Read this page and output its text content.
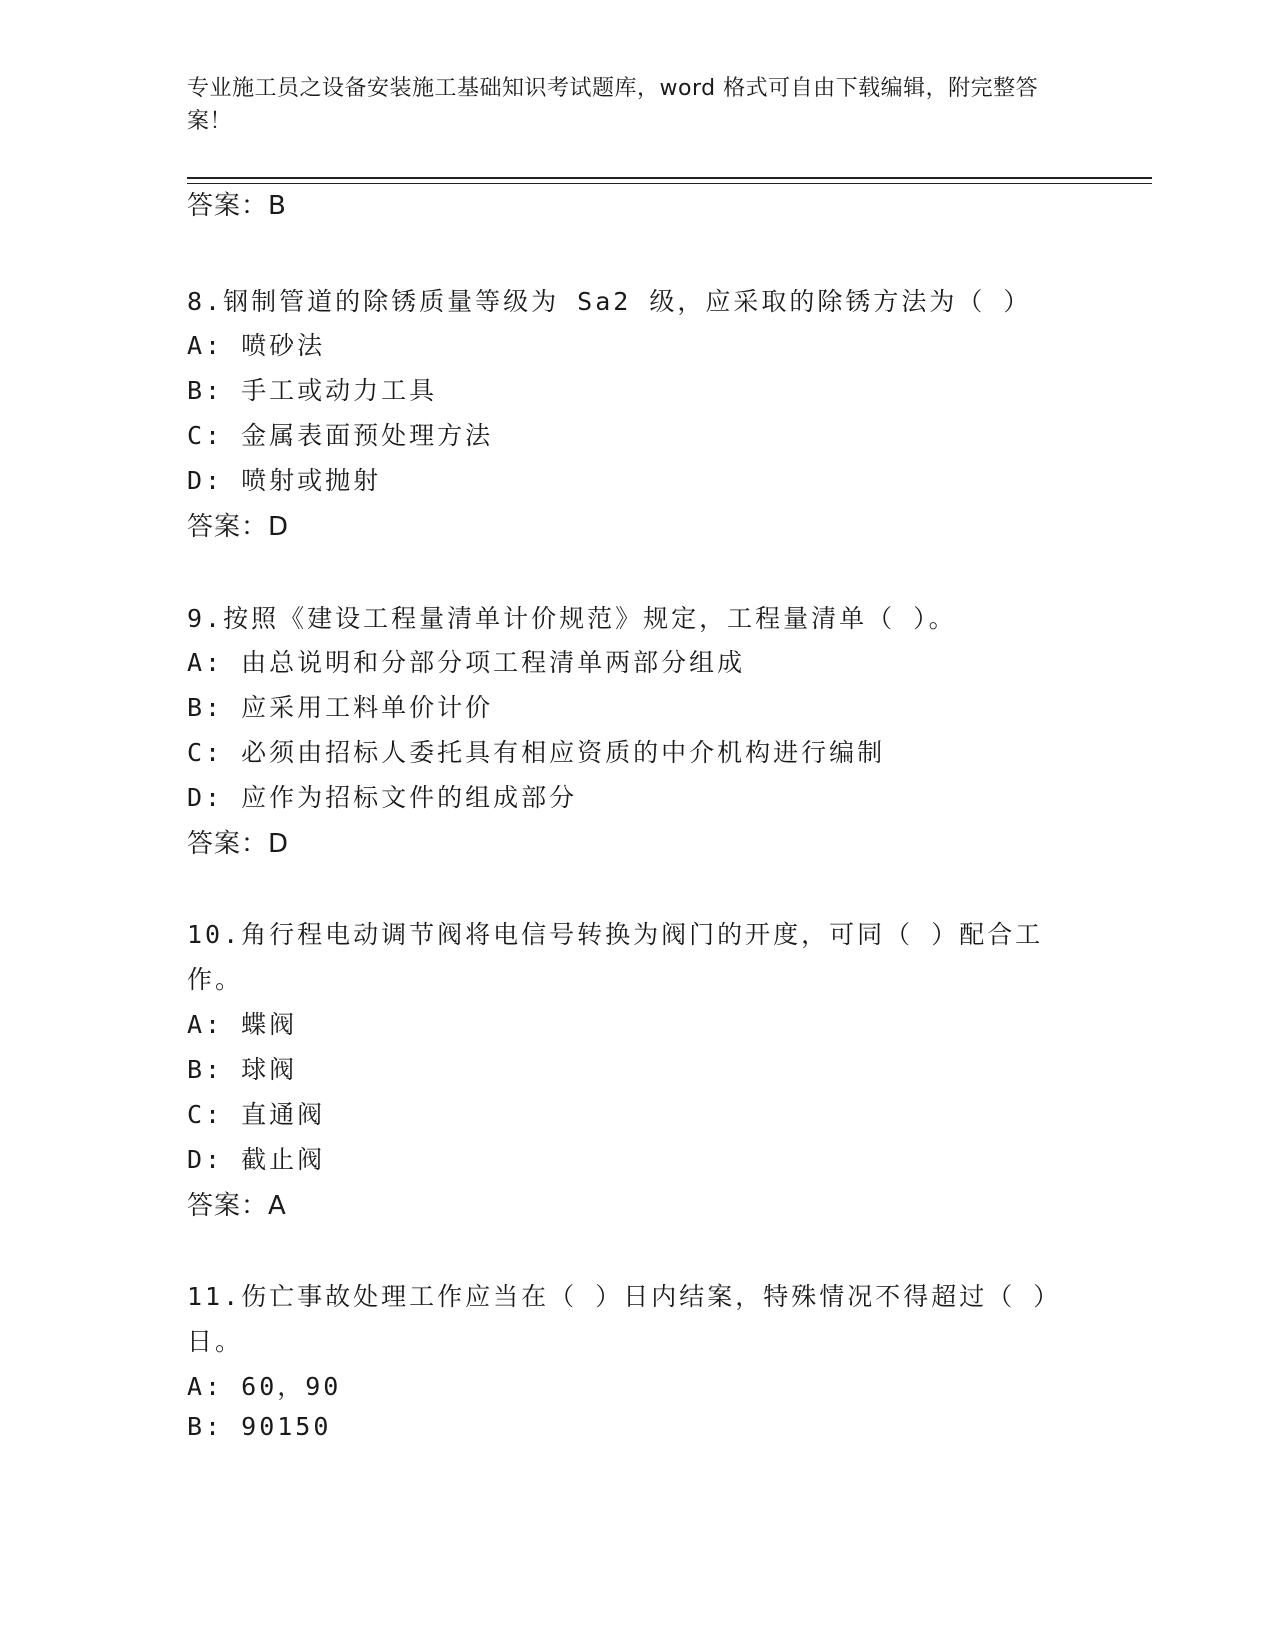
专业施工员之设备安装施工基础知识考试题库，word 格式可自由下载编辑，附完整答案！
答案：B
8.钢制管道的除锈质量等级为 Sa2 级，应采取的除锈方法为（ ）
A: 喷砂法
B: 手工或动力工具
C: 金属表面预处理方法
D: 喷射或抛射
答案：D
9.按照《建设工程量清单计价规范》规定，工程量清单（ ）。
A: 由总说明和分部分项工程清单两部分组成
B: 应采用工料单价计价
C: 必须由招标人委托具有相应资质的中介机构进行编制
D: 应作为招标文件的组成部分
答案：D
10.角行程电动调节阀将电信号转换为阀门的开度，可同（ ）配合工
作。
A: 蝶阀
B: 球阀
C: 直通阀
D: 截止阀
答案：A
11.伤亡事故处理工作应当在（ ）日内结案，特殊情况不得超过（ ）
日。
A: 60，90
B: 90150
